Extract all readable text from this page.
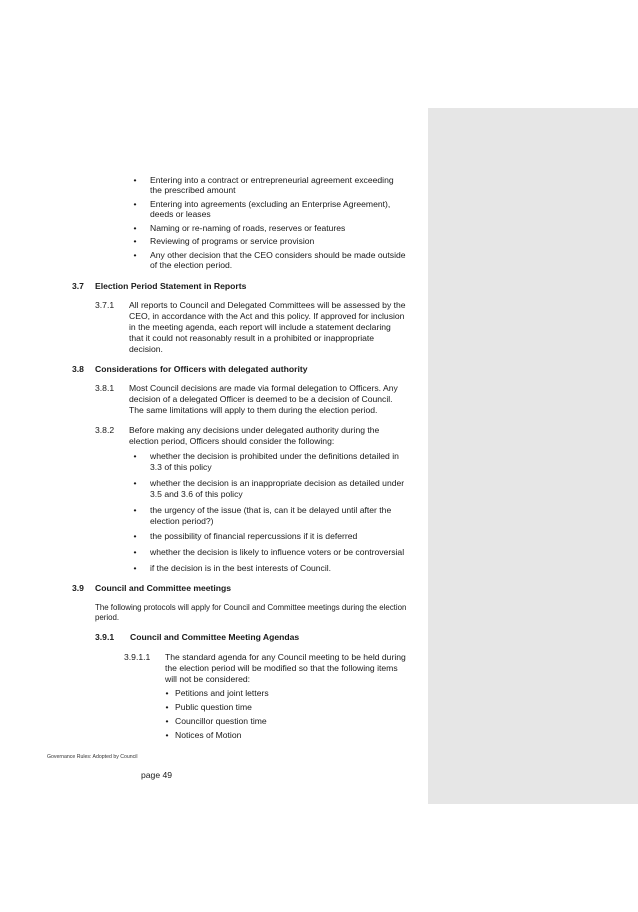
• Entering into a contract or entrepreneurial agreement exceeding
the prescribed amount
• Entering into agreements (excluding an Enterprise Agreement),
deeds or leases
• Naming or re-naming of roads, reserves or features
• Reviewing of programs or service provision
• Any other decision that the CEO considers should be made outside
of the election period.
3.7 Election Period Statement in Reports
3.7.1 All reports to Council and Delegated Committees will be assessed by the
CEO, in accordance with the Act and this policy. If approved for inclusion
in the meeting agenda, each report will include a statement declaring
that it could not reasonably result in a prohibited or inappropriate
decision.
3.8 Considerations for Officers with delegated authority
3.8.1 Most Council decisions are made via formal delegation to Officers. Any
decision of a delegated Officer is deemed to be a decision of Council.
The same limitations will apply to them during the election period.
3.8.2 Before making any decisions under delegated authority during the
election period, Officers should consider the following:
• whether the decision is prohibited under the definitions detailed in
3.3 of this policy
• whether the decision is an inappropriate decision as detailed under
3.5 and 3.6 of this policy
• the urgency of the issue (that is, can it be delayed until after the
election period?)
• the possibility of financial repercussions if it is deferred
• whether the decision is likely to influence voters or be controversial
• if the decision is in the best interests of Council.
3.9 Council and Committee meetings
The following protocols will apply for Council and Committee meetings during the election
period.
3.9.1 Council and Committee Meeting Agendas
3.9.1.1 The standard agenda for any Council meeting to be held during
the election period will be modified so that the following items
will not be considered:
• Petitions and joint letters
• Public question time
• Councillor question time
• Notices of Motion
Governance Rules: Adopted by Council
page 49
